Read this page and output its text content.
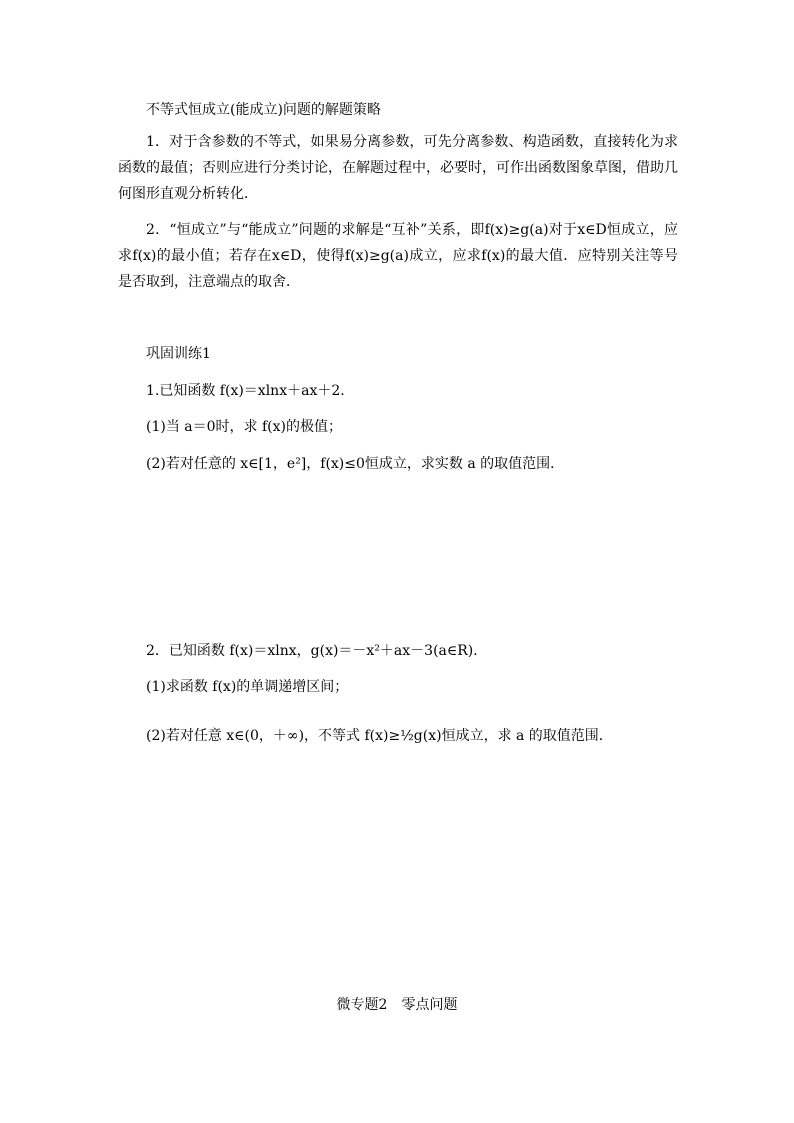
不等式恒成立(能成立)问题的解题策略
1．对于含参数的不等式，如果易分离参数，可先分离参数、构造函数，直接转化为求函数的最值；否则应进行分类讨论，在解题过程中，必要时，可作出函数图象草图，借助几何图形直观分析转化．
2．“恒成立”与“能成立”问题的求解是“互补”关系，即f(x)≥g(a)对于x∈D恒成立，应求f(x)的最小值；若存在x∈D，使得f(x)≥g(a)成立，应求f(x)的最大值．应特别关注等号是否取到，注意端点的取舍．
巩固训练1
1.已知函数 f(x)＝xlnx＋ax＋2.
(1)当 a＝0时，求 f(x)的极值；
(2)若对任意的 x∈[1，e²]，f(x)≤0恒成立，求实数 a 的取值范围．
2．已知函数 f(x)＝xlnx，g(x)＝－x²＋ax－3(a∈R)．
(1)求函数 f(x)的单调递增区间；
(2)若对任意 x∈(0，＋∞)，不等式 f(x)≥½g(x)恒成立，求 a 的取值范围．
微专题2　零点问题
